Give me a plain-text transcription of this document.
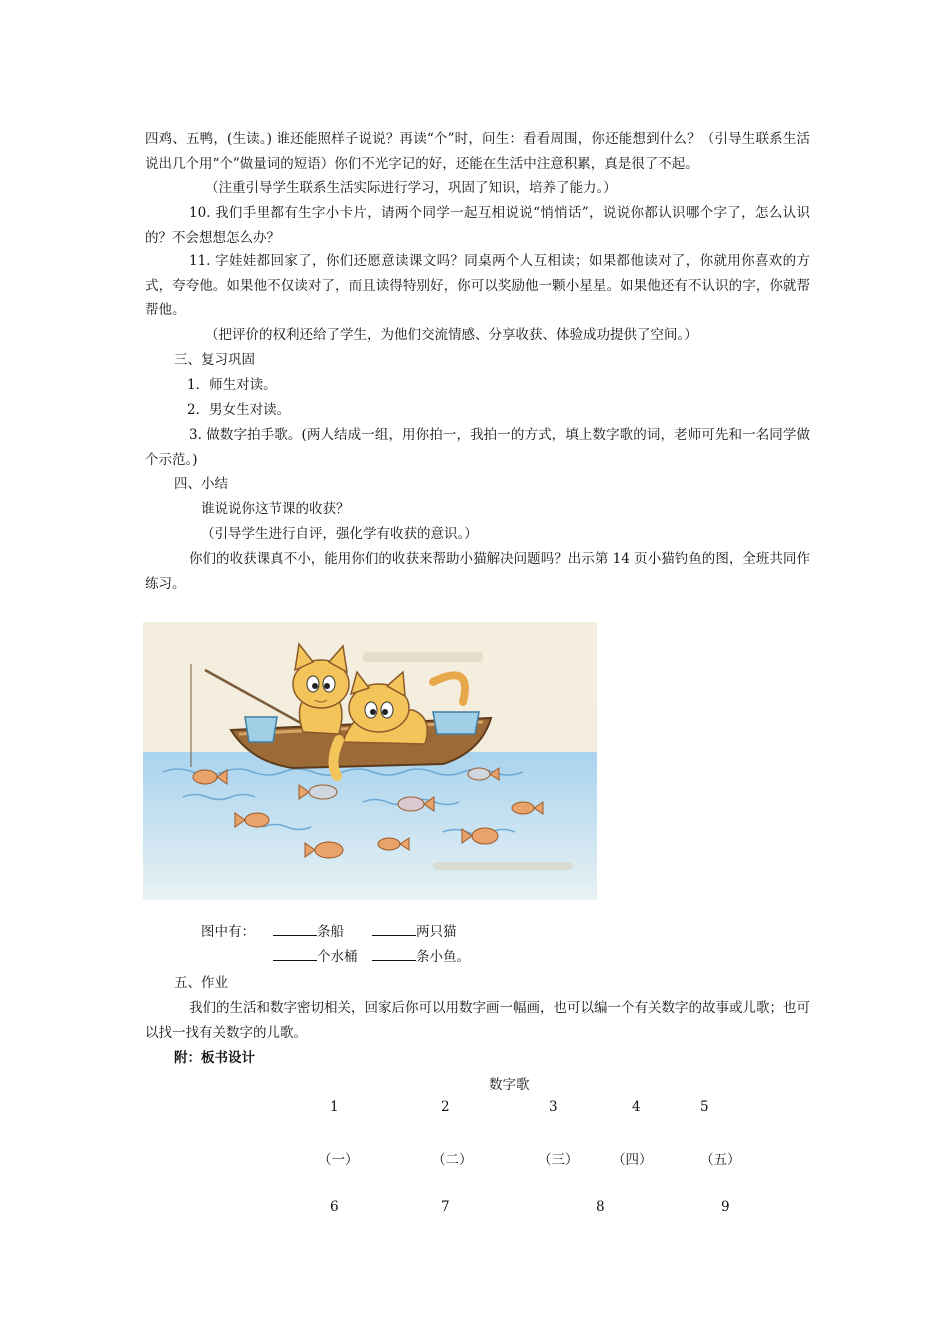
四鸡、五鸭，(生读。) 谁还能照样子说说？再读“个”时，问生：看看周围，你还能想到什么？（引导生联系生活说出几个用“个”做量词的短语）你们不光字记的好，还能在生活中注意积累，真是很了不起。

（注重引导学生联系生活实际进行学习，巩固了知识，培养了能力。）

10. 我们手里都有生字小卡片，请两个同学一起互相说说“悄悄话”，说说你都认识哪个字了，怎么认识的？不会想想怎么办？

11. 字娃娃都回家了，你们还愿意读课文吗？同桌两个人互相读；如果都他读对了，你就用你喜欢的方式，夸夸他。如果他不仅读对了，而且读得特别好，你可以奖励他一颗小星星。如果他还有不认识的字，你就帮帮他。

（把评价的权利还给了学生，为他们交流情感、分享收获、体验成功提供了空间。）

三、复习巩固
1．师生对读。
2．男女生对读。

3. 做数字拍手歌。(两人结成一组，用你拍一，我拍一的方式，填上数字歌的词，老师可先和一名同学做个示范。)

四、小结
谁说说你这节课的收获？
（引导学生进行自评，强化学有收获的意识。）

你们的收获课真不小，能用你们的收获来帮助小猫解决问题吗？出示第 14 页小猫钓鱼的图，全班共同作练习。

图中有：	条船	两只猫
个水桶	条小鱼。
五、作业

我们的生活和数字密切相关，回家后你可以用数字画一幅画，也可以编一个有关数字的故事或儿歌；也可以找一找有关数字的儿歌。

附：板书设计
数字歌
1	2	3	4	5
（一）	（二）	（三） （四）	（五）
6	7	8	9
